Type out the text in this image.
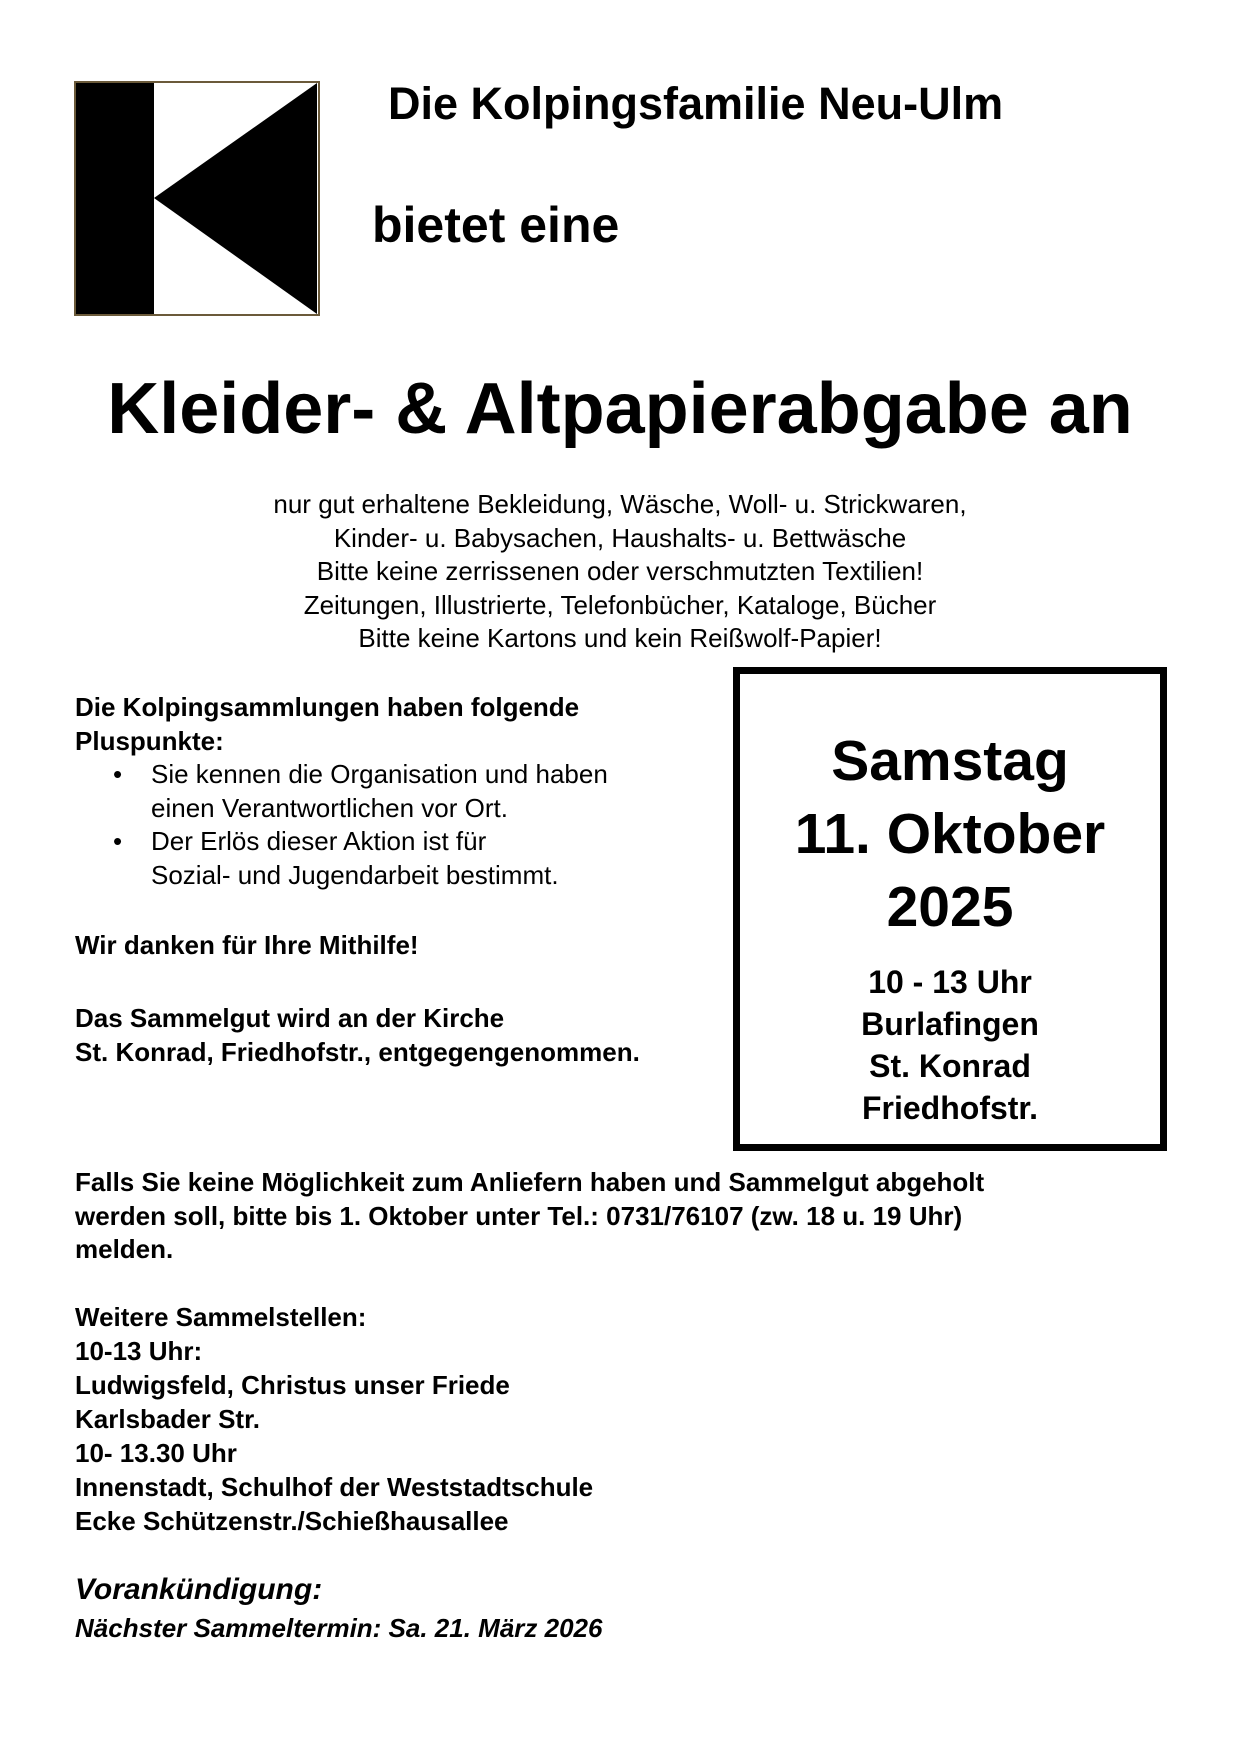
Die Kolpingsfamilie Neu-Ulm
bietet eine
Kleider- & Altpapierabgabe an
nur gut erhaltene Bekleidung, Wäsche, Woll- u. Strickwaren,
Kinder- u. Babysachen, Haushalts- u. Bettwäsche
Bitte keine zerrissenen oder verschmutzten Textilien!
Zeitungen, Illustrierte, Telefonbücher, Kataloge, Bücher
Bitte keine Kartons und kein Reißwolf-Papier!
Die Kolpingsammlungen haben folgende
Pluspunkte:
• Sie kennen die Organisation und haben
einen Verantwortlichen vor Ort.
• Der Erlös dieser Aktion ist für
Sozial- und Jugendarbeit bestimmt.
Wir danken für Ihre Mithilfe!
Das Sammelgut wird an der Kirche
St. Konrad, Friedhofstr., entgegengenommen.
Samstag
11. Oktober
2025
10 - 13 Uhr
Burlafingen
St. Konrad
Friedhofstr.
Falls Sie keine Möglichkeit zum Anliefern haben und Sammelgut abgeholt
werden soll, bitte bis 1. Oktober unter Tel.: 0731/76107 (zw. 18 u. 19 Uhr)
melden.
Weitere Sammelstellen:
10-13 Uhr:
Ludwigsfeld, Christus unser Friede
Karlsbader Str.
10- 13.30 Uhr
Innenstadt, Schulhof der Weststadtschule
Ecke Schützenstr./Schießhausallee
Vorankündigung:
Nächster Sammeltermin: Sa. 21. März 2026
